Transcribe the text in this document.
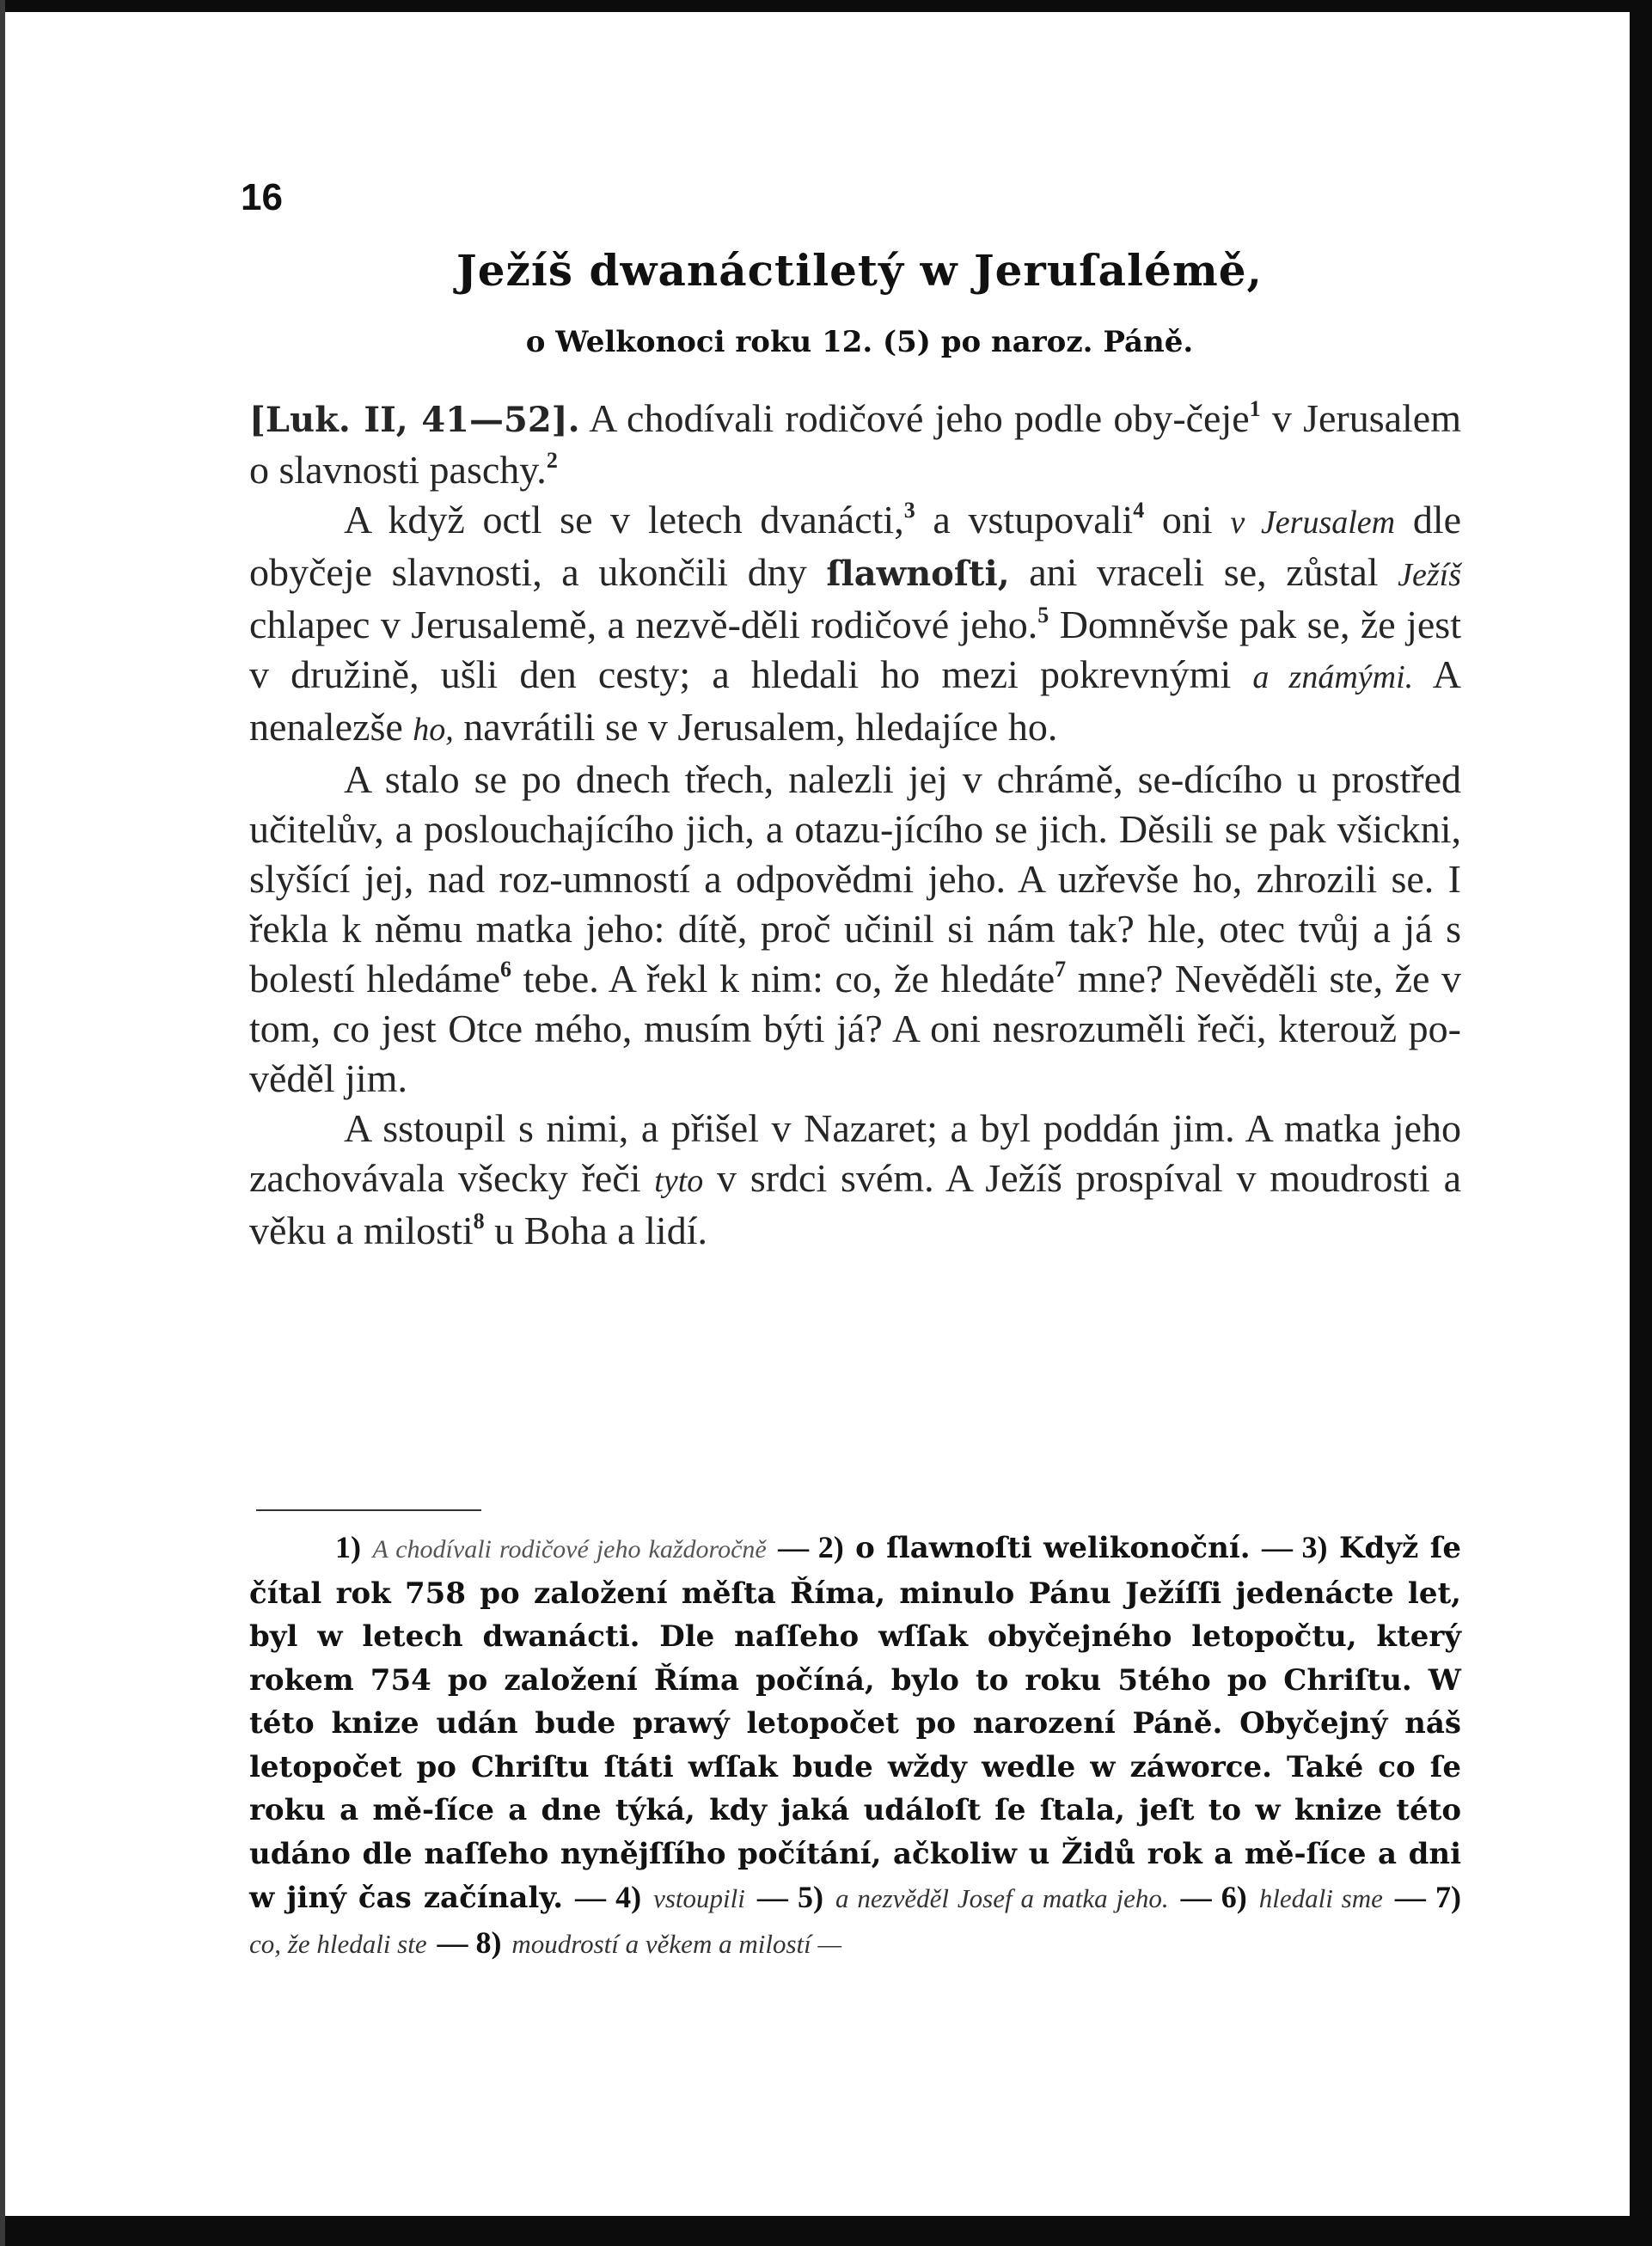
16
Ježíš dwanáctiletý w Jeruſalémě,
o Welkonoci roku 12. (5) po naroz. Páně.

[Luk. II, 41—52]. A chodívali rodičové jeho podle oby-čeje$^1$ v Jerusalem o slavnosti paschy.$^2$

A když octl se v letech dvanácti,$^3$ a vstupovali$^4$ oni v Jerusalem dle obyčeje slavnosti, a ukončili dny ſlawnoſti, ani vraceli se, zůstal Ježíš chlapec v Jerusalemě, a nezvě-děli rodičové jeho.$^5$ Domněvše pak se, že jest v družině, ušli den cesty; a hledali ho mezi pokrevnými a známými. A nenalezše ho, navrátili se v Jerusalem, hledajíce ho.

A stalo se po dnech třech, nalezli jej v chrámě, se-dícího u prostřed učitelův, a poslouchajícího jich, a otazu-jícího se jich. Děsili se pak všickni, slyšící jej, nad roz-umností a odpovědmi jeho. A uzřevše ho, zhrozili se. I řekla k němu matka jeho: dítě, proč učinil si nám tak? hle, otec tvůj a já s bolestí hledáme$^6$ tebe. A řekl k nim: co, že hledáte$^7$ mne? Nevěděli ste, že v tom, co jest Otce mého, musím býti já? A oni nesrozuměli řeči, kterouž po-věděl jim.

A sstoupil s nimi, a přišel v Nazaret; a byl poddán jim. A matka jeho zachovávala všecky řeči tyto v srdci svém. A Ježíš prospíval v moudrosti a věku a milosti$^8$ u Boha a lidí.

1) A chodívali rodičové jeho každoročně — 2) o ſlawnoſti welikonoční. — 3) Když ſe čítal rok 758 po založení měſta Říma, minulo Pánu Ježíſſi jedenácte let, byl w letech dwanácti. Dle naſſeho wſſak obyčejného letopočtu, který rokem 754 po založení Říma počíná, bylo to roku 5tého po Chriſtu. W této knize udán bude prawý letopočet po narození Páně. Obyčejný náš letopočet po Chriſtu ſtáti wſſak bude wždy wedle w záworce. Také co ſe roku a mě-ſíce a dne týká, kdy jaká událoſt ſe ſtala, jeſt to w knize této udáno dle naſſeho nynějſſího počítání, ačkoliw u Židů rok a mě-ſíce a dni w jiný čas začínaly. — 4) vstoupili — 5) a nezvěděl Josef a matka jeho. — 6) hledali sme — 7) co, že hledali ste — 8) moudrostí a věkem a milostí —
